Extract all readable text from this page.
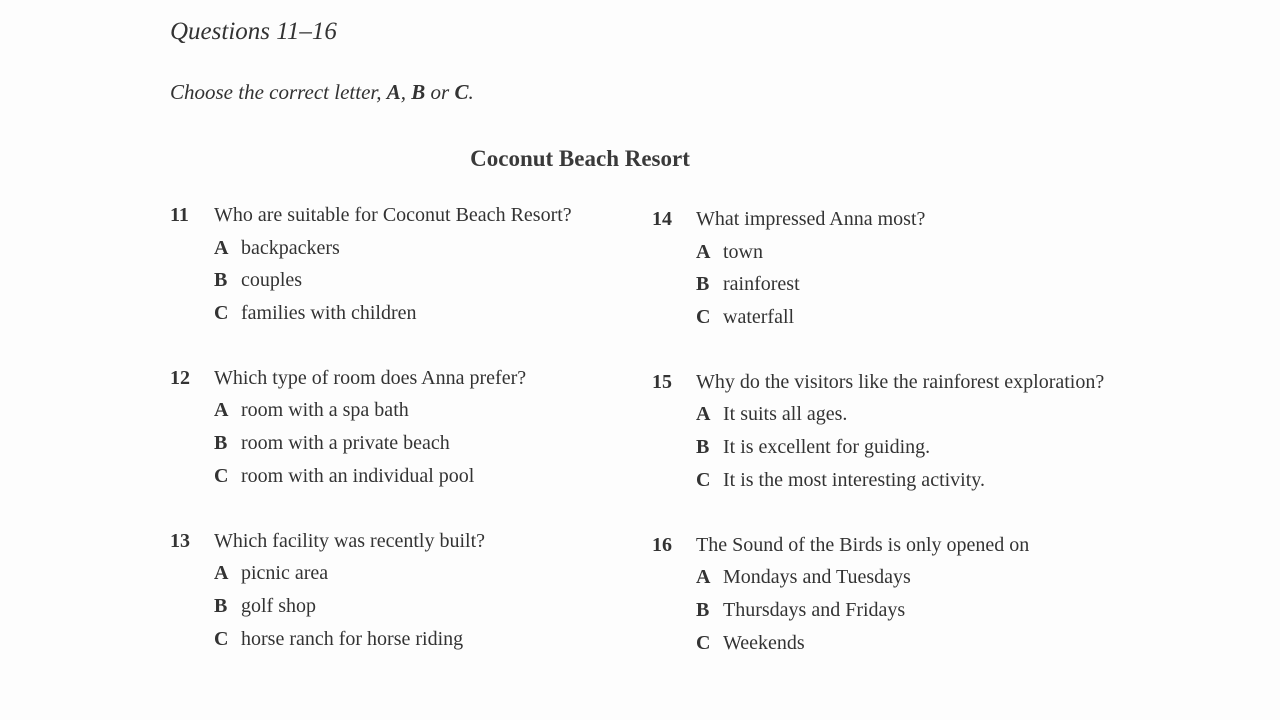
Questions 11–16
Choose the correct letter, A, B or C.
Coconut Beach Resort
11	Who are suitable for Coconut Beach Resort?
A backpackers
B couples
C families with children
12	Which type of room does Anna prefer?
A room with a spa bath
B room with a private beach
C room with an individual pool
13	Which facility was recently built?
A picnic area
B golf shop
C horse ranch for horse riding
14	What impressed Anna most?
A town
B rainforest
C waterfall
15	Why do the visitors like the rainforest exploration?
A It suits all ages.
B It is excellent for guiding.
C It is the most interesting activity.
16	The Sound of the Birds is only opened on
A Mondays and Tuesdays
B Thursdays and Fridays
C Weekends
